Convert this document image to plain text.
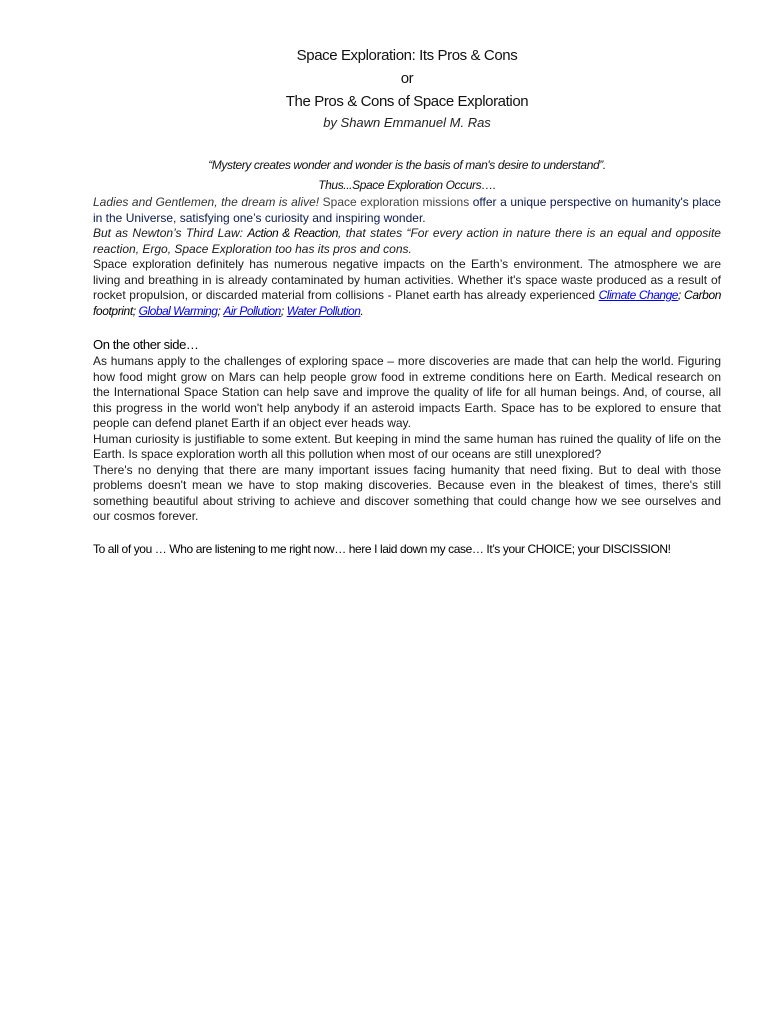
Space Exploration: Its Pros & Cons

or

The Pros & Cons of Space Exploration

by Shawn Emmanuel M. Ras

“Mystery creates wonder and wonder is the basis of man's desire to understand”.

Thus...Space Exploration Occurs….

Ladies and Gentlemen, the dream is alive! Space exploration missions offer a unique perspective on humanity's place in the Universe, satisfying one’s curiosity and inspiring wonder.

But as Newton’s Third Law: Action & Reaction, that states “For every action in nature there is an equal and opposite reaction, Ergo, Space Exploration too has its pros and cons.

Space exploration definitely has numerous negative impacts on the Earth’s environment. The atmosphere we are living and breathing in is already contaminated by human activities. Whether it's space waste produced as a result of rocket propulsion, or discarded material from collisions - Planet earth has already experienced Climate Change; Carbon footprint; Global Warming; Air Pollution; Water Pollution.

On the other side…

As humans apply to the challenges of exploring space – more discoveries are made that can help the world. Figuring how food might grow on Mars can help people grow food in extreme conditions here on Earth. Medical research on the International Space Station can help save and improve the quality of life for all human beings. And, of course, all this progress in the world won't help anybody if an asteroid impacts Earth. Space has to be explored to ensure that people can defend planet Earth if an object ever heads way.

Human curiosity is justifiable to some extent. But keeping in mind the same human has ruined the quality of life on the Earth. Is space exploration worth all this pollution when most of our oceans are still unexplored?

There's no denying that there are many important issues facing humanity that need fixing. But to deal with those problems doesn't mean we have to stop making discoveries. Because even in the bleakest of times, there's still something beautiful about striving to achieve and discover something that could change how we see ourselves and our cosmos forever.

To all of you … Who are listening to me right now… here I laid down my case… It’s your CHOICE; your DISCISSION!
